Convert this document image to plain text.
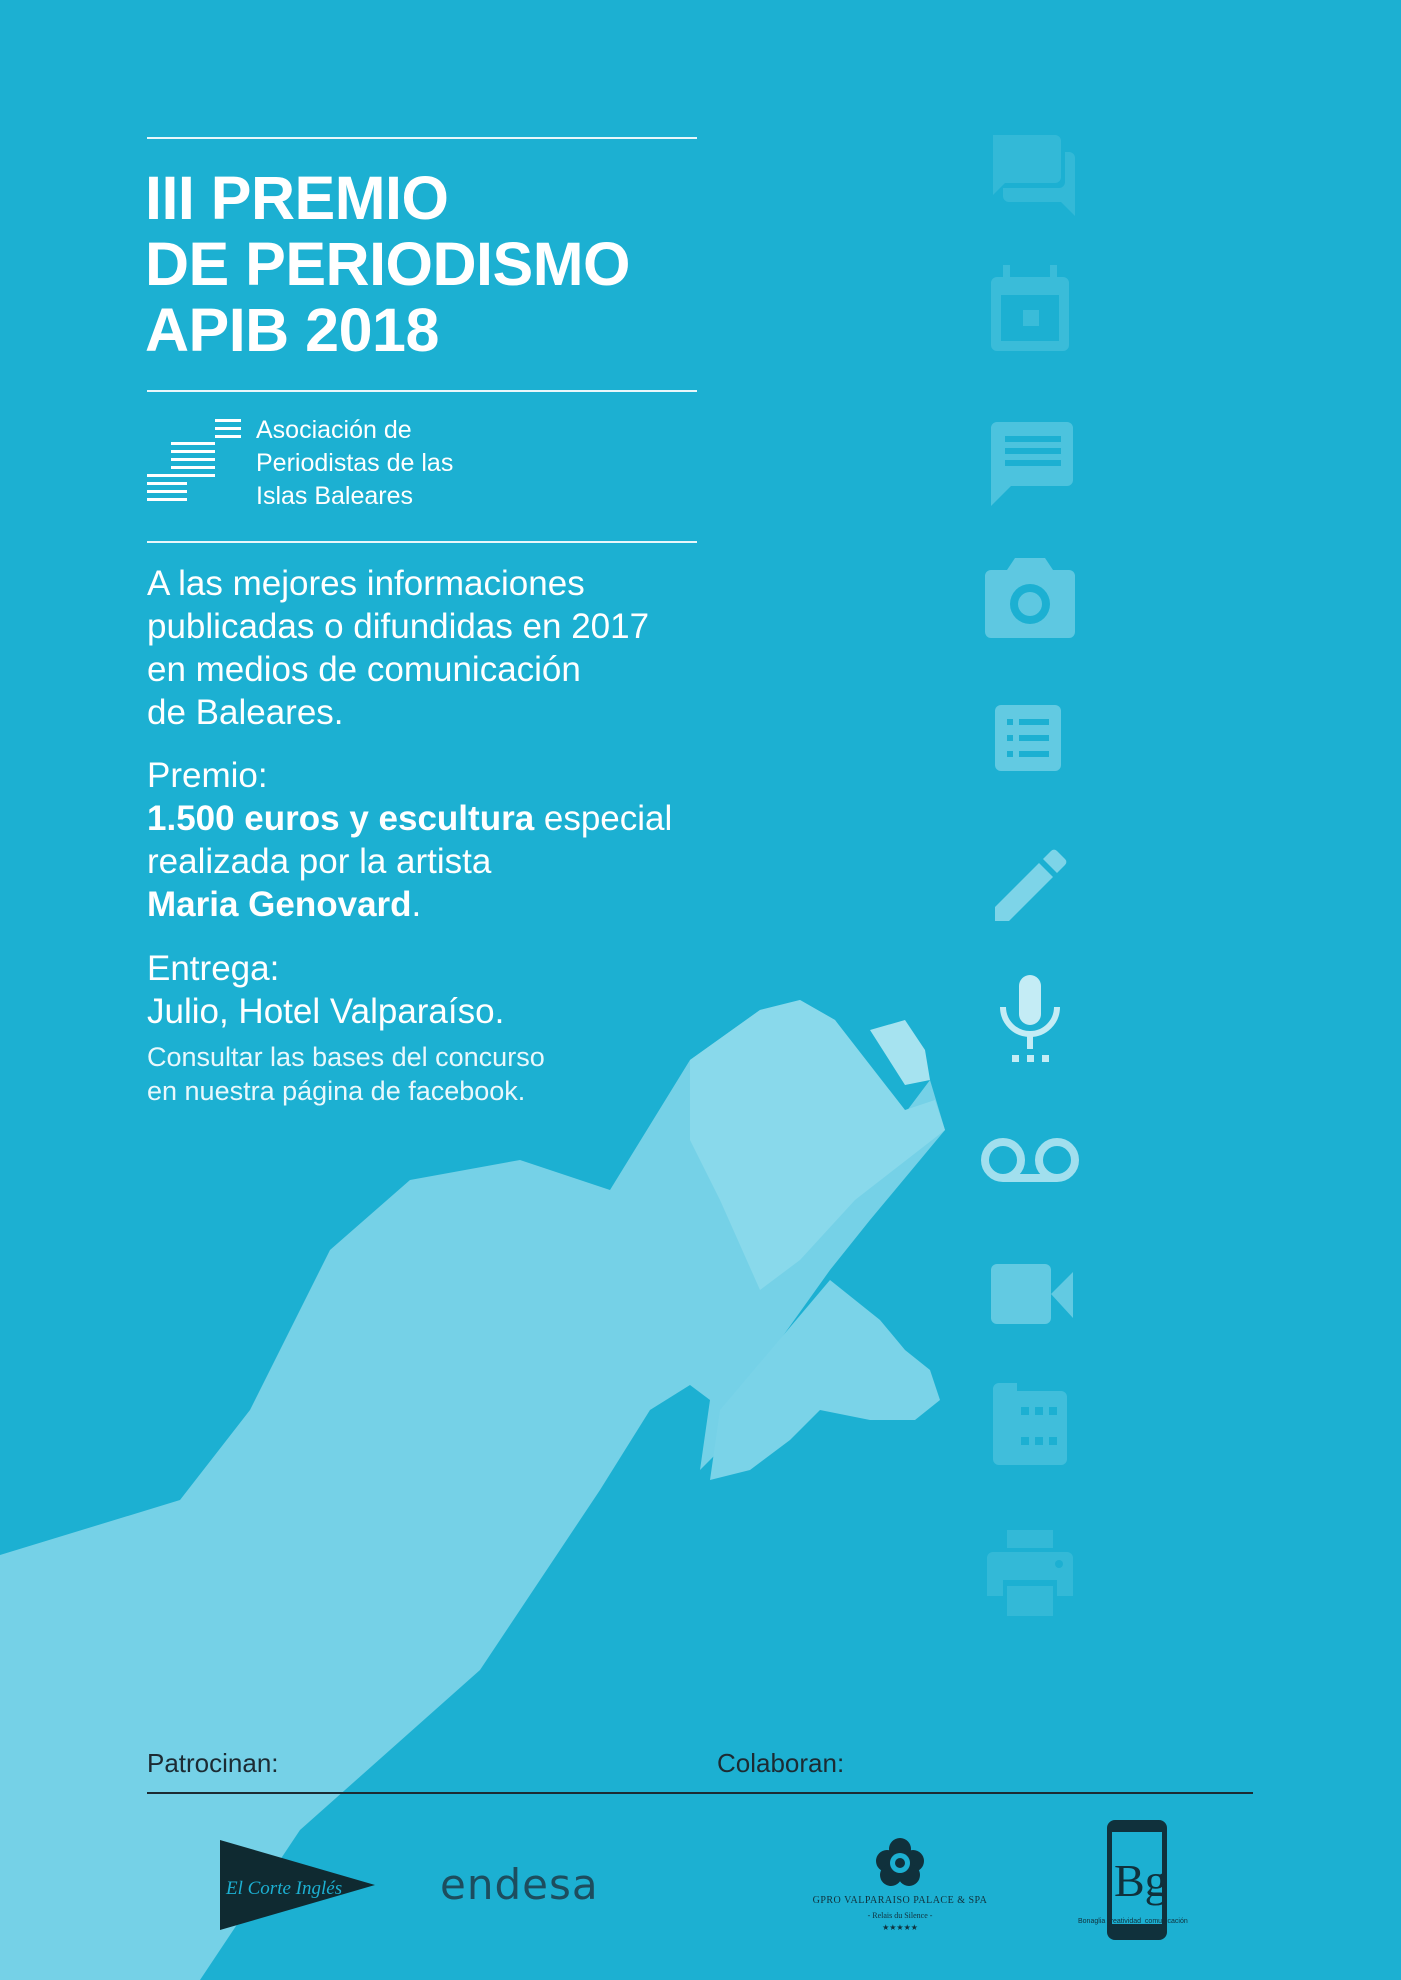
III PREMIO
DE PERIODISMO
APIB 2018
Asociación de
Periodistas de las
Islas Baleares
A las mejores informaciones
publicadas o difundidas en 2017
en medios de comunicación
de Baleares.
Premio:
1.500 euros y escultura especial
realizada por la artista
Maria Genovard.
Entrega:
Julio, Hotel Valparaíso.
Consultar las bases del concurso
en nuestra página de facebook.
Patrocinan:	Colaboran:
El Corte Inglés endesa	GPRO VALPARAISO PALACE & SPA
- Relais du Silence -
★★★★★
Bg
Bonaglia creatividad_comunicación
